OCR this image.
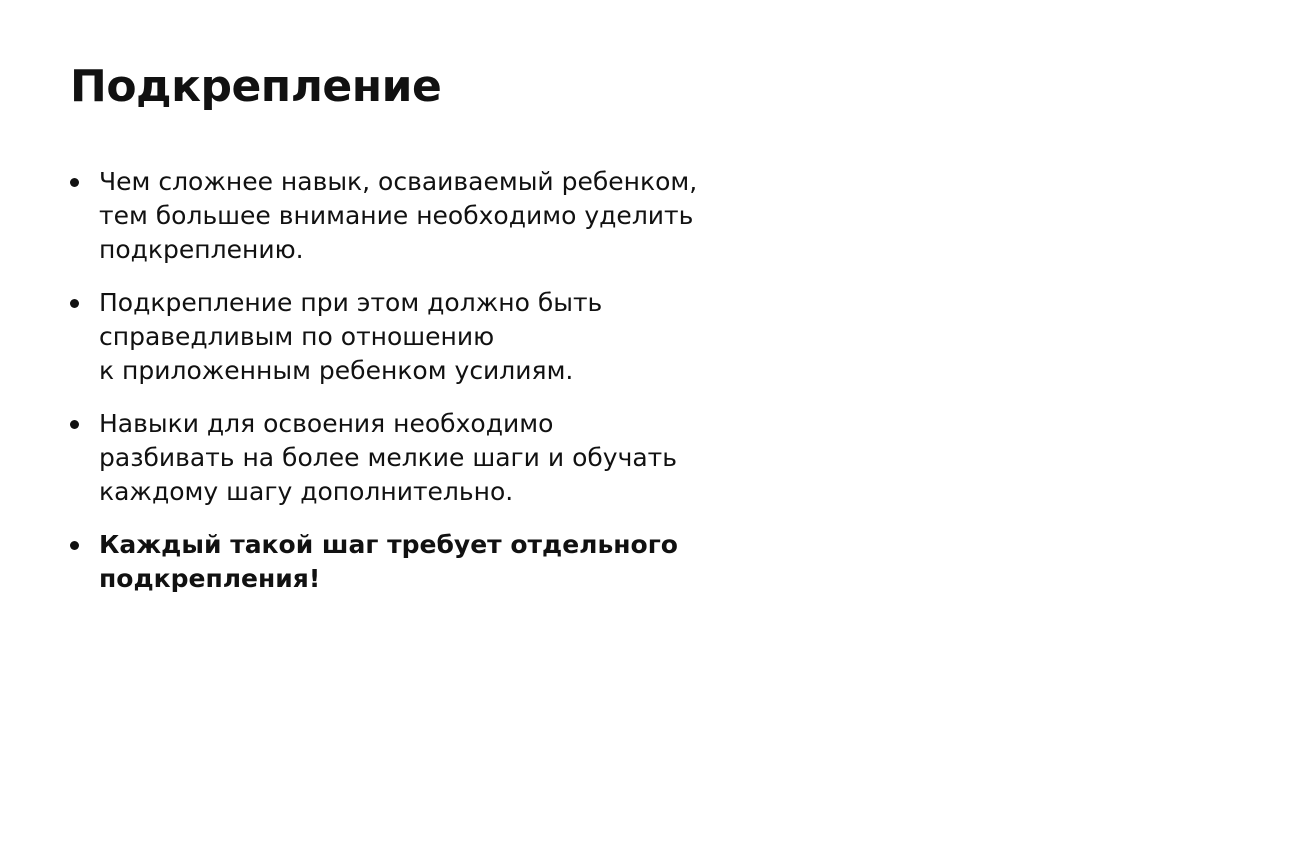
Подкрепление
Чем сложнее навык, осваиваемый ребенком,
тем большее внимание необходимо уделить
подкреплению.
Подкрепление при этом должно быть
справедливым по отношению
к приложенным ребенком усилиям.
Навыки для освоения необходимо
разбивать на более мелкие шаги и обучать
каждому шагу дополнительно.
Каждый такой шаг требует отдельного
подкрепления!
